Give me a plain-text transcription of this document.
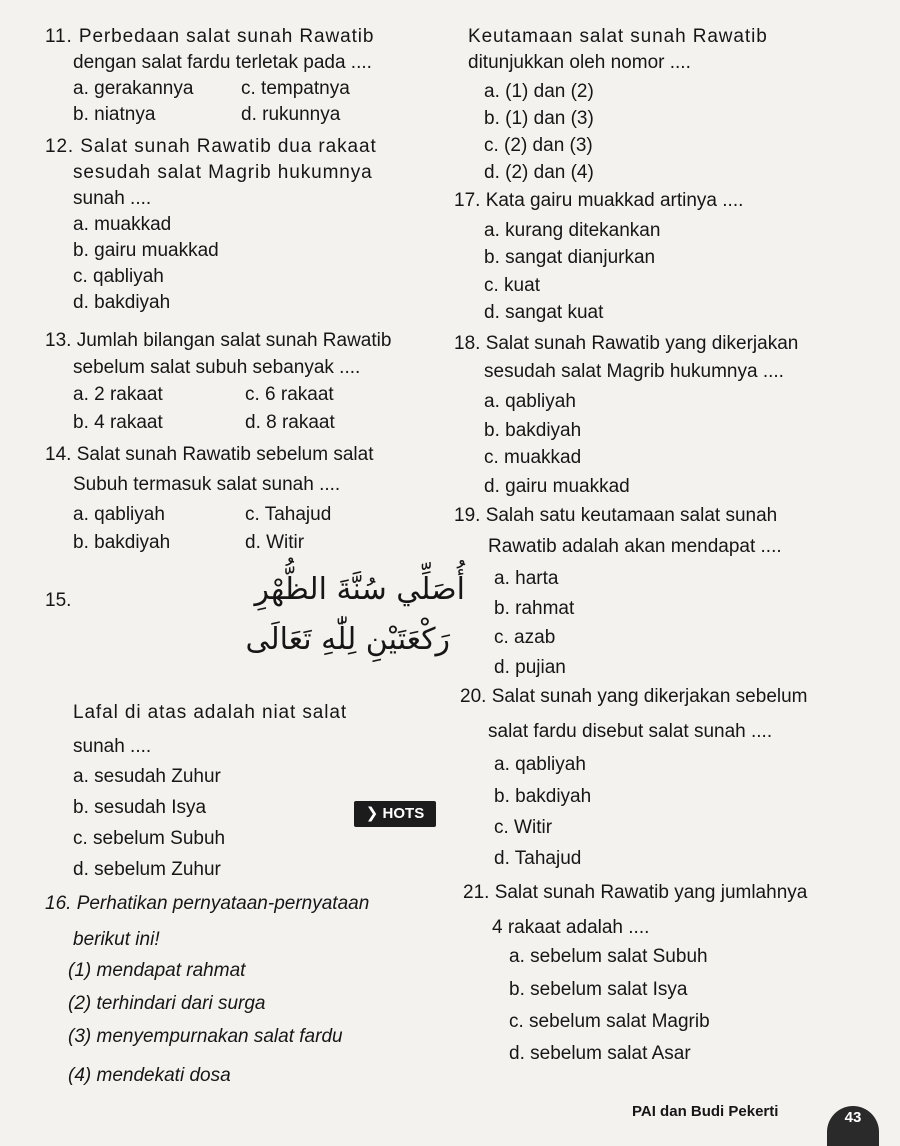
11. Perbedaan salat sunah Rawatib
dengan salat fardu terletak pada ....
a. gerakannya
b. niatnya
c. tempatnya
d. rukunnya
12. Salat sunah Rawatib dua rakaat
sesudah salat Magrib hukumnya
sunah ....
a. muakkad
b. gairu muakkad
c. qabliyah
d. bakdiyah
13. Jumlah bilangan salat sunah Rawatib
sebelum salat subuh sebanyak ....
a. 2 rakaat
b. 4 rakaat
c. 6 rakaat
d. 8 rakaat
14. Salat sunah Rawatib sebelum salat
Subuh termasuk salat sunah ....
a. qabliyah
b. bakdiyah
c. Tahajud
d. Witir
15.	أُصَلِّي سُنَّةَ الظُّهْرِ
رَكْعَتَيْنِ لِلّٰهِ تَعَالَى
Lafal di atas adalah niat salat
sunah ....
a. sesudah Zuhur
b. sesudah Isya
c. sebelum Subuh
d. sebelum Zuhur
❯ HOTS
16. Perhatikan pernyataan-pernyataan
berikut ini!
(1) mendapat rahmat
(2) terhindari dari surga
(3) menyempurnakan salat fardu
(4) mendekati dosa
Keutamaan salat sunah Rawatib
ditunjukkan oleh nomor ....
a. (1) dan (2)
b. (1) dan (3)
c. (2) dan (3)
d. (2) dan (4)
17. Kata gairu muakkad artinya ....
a. kurang ditekankan
b. sangat dianjurkan
c. kuat
d. sangat kuat
18. Salat sunah Rawatib yang dikerjakan
sesudah salat Magrib hukumnya ....
a. qabliyah
b. bakdiyah
c. muakkad
d. gairu muakkad
19. Salah satu keutamaan salat sunah
Rawatib adalah akan mendapat ....
a. harta
b. rahmat
c. azab
d. pujian
20. Salat sunah yang dikerjakan sebelum
salat fardu disebut salat sunah ....
a. qabliyah
b. bakdiyah
c. Witir
d. Tahajud
21. Salat sunah Rawatib yang jumlahnya
4 rakaat adalah ....
a. sebelum salat Subuh
b. sebelum salat Isya
c. sebelum salat Magrib
d. sebelum salat Asar
PAI dan Budi Pekerti	43
